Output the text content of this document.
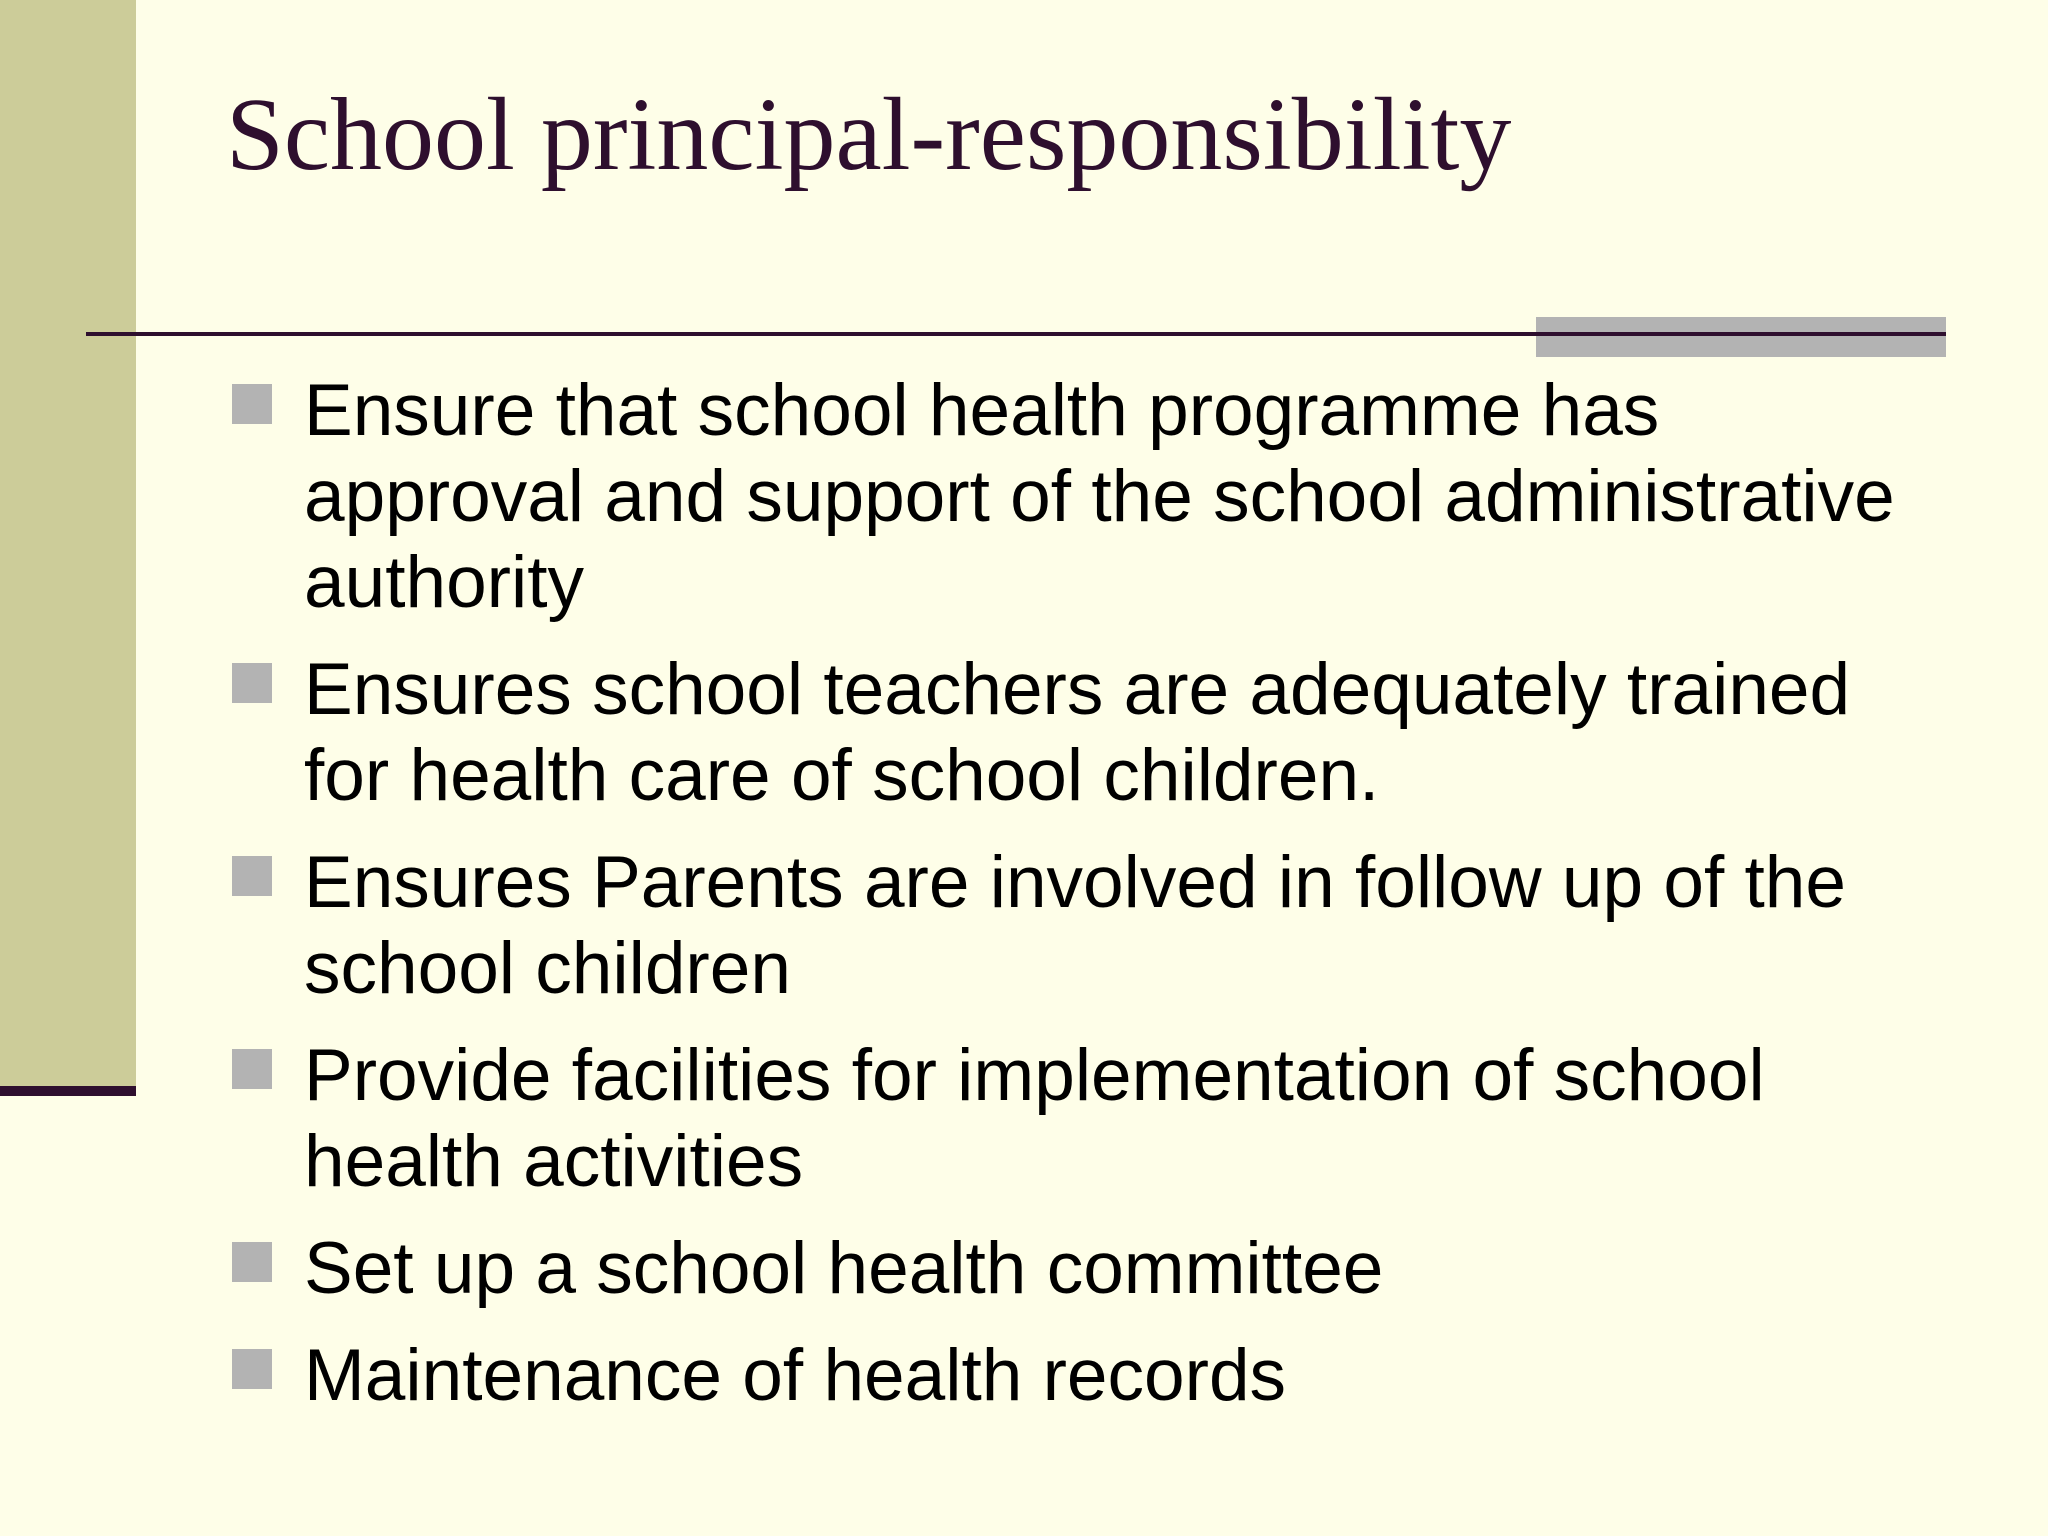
School principal-responsibility
Ensure that school health programme has approval and support of the school administrative authority
Ensures school teachers are adequately trained for health care of school children.
Ensures Parents are involved in follow up of the school children
Provide facilities for implementation of school health activities
Set up a school health committee
Maintenance of health records
